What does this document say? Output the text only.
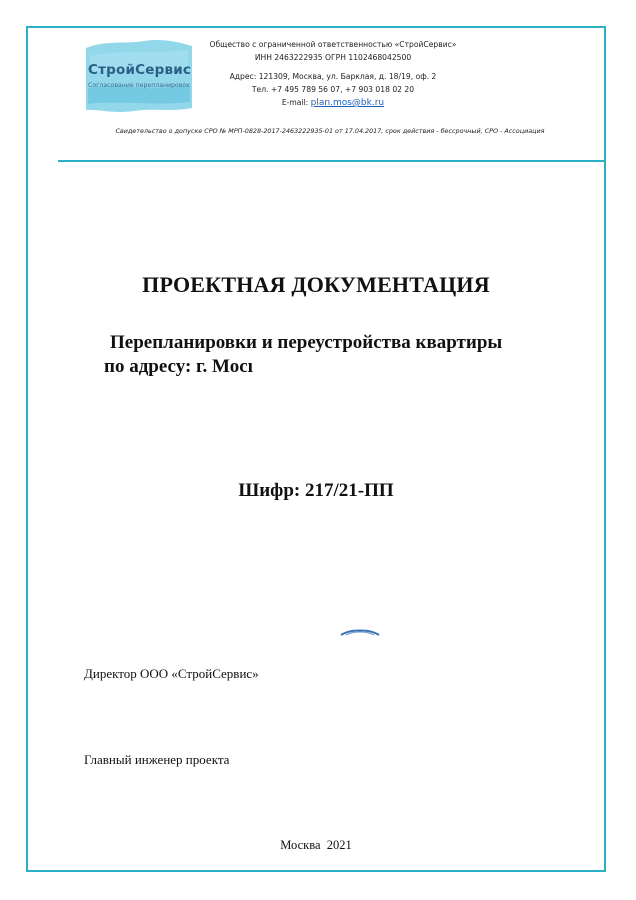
СтройСервис
Согласование перепланировок
Общество с ограниченной ответственностью «СтройСервис»
ИНН 2463222935 ОГРН 1102468042500
Адрес: 121309, Москва, ул. Барклая, д. 18/19, оф. 2
Тел. +7 495 789 56 07, +7 903 018 02 20
E-mail: plan.mos@bk.ru
Свидетельство о допуске СРО № МРП-0828-2017-2463222935-01 от 17.04.2017, срок действия - бессрочный, СРО - Ассоциация
ПРОЕКТНАЯ ДОКУМЕНТАЦИЯ
Перепланировки и переустройства квартиры
по адресу: г. Мосı
Шифр: 217/21-ПП
Директор ООО «СтройСервис»
Главный инженер проекта
Москва  2021
